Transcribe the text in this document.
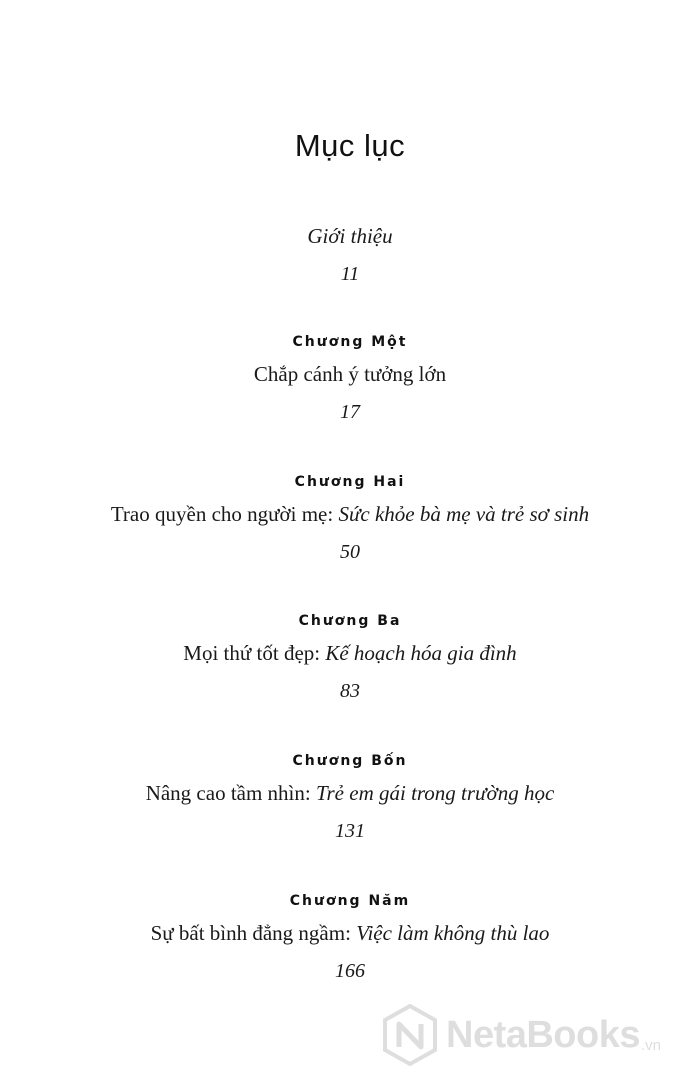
Mục lục
Giới thiệu
11
Chương Một
Chắp cánh ý tưởng lớn
17
Chương Hai
Trao quyền cho người mẹ: Sức khỏe bà mẹ và trẻ sơ sinh
50
Chương Ba
Mọi thứ tốt đẹp: Kế hoạch hóa gia đình
83
Chương Bốn
Nâng cao tầm nhìn: Trẻ em gái trong trường học
131
Chương Năm
Sự bất bình đẳng ngầm: Việc làm không thù lao
166
NetaBooks .vn
